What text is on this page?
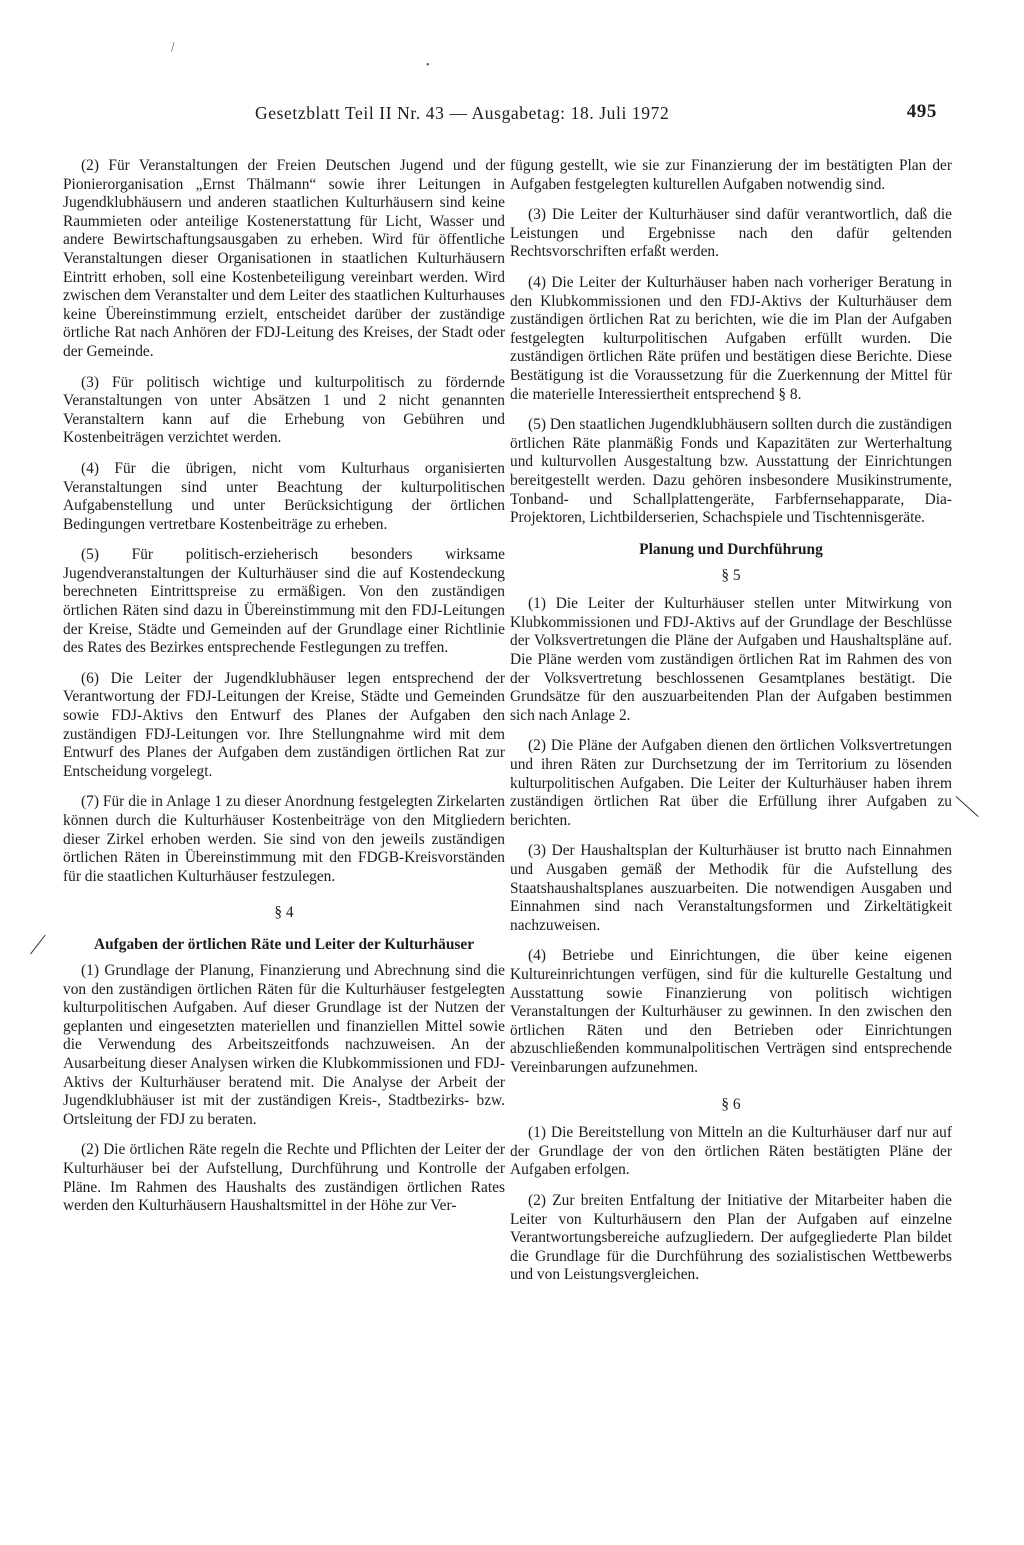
\
•
Gesetzblatt Teil II Nr. 43 — Ausgabetag: 18. Juli 1972	495

(2) Für Veranstaltungen der Freien Deutschen Jugend und der Pionierorganisation „Ernst Thälmann“ sowie ihrer Leitungen in Jugendklubhäusern und anderen staatlichen Kulturhäusern sind keine Raummieten oder anteilige Kostenerstattung für Licht, Wasser und andere Bewirtschaftungsausgaben zu erheben. Wird für öffentliche Veranstaltungen dieser Organisationen in staatlichen Kulturhäusern Eintritt erhoben, soll eine Kostenbeteiligung vereinbart werden. Wird zwischen dem Veranstalter und dem Leiter des staatlichen Kulturhauses keine Übereinstimmung erzielt, entscheidet darüber der zuständige örtliche Rat nach Anhören der FDJ-Leitung des Kreises, der Stadt oder der Gemeinde.

(3) Für politisch wichtige und kulturpolitisch zu fördernde Veranstaltungen von unter Absätzen 1 und 2 nicht genannten Veranstaltern kann auf die Erhebung von Gebühren und Kostenbeiträgen verzichtet werden.

(4) Für die übrigen, nicht vom Kulturhaus organisierten Veranstaltungen sind unter Beachtung der kulturpolitischen Aufgabenstellung und unter Berücksichtigung der örtlichen Bedingungen vertretbare Kostenbeiträge zu erheben.

(5) Für politisch-erzieherisch besonders wirksame Jugendveranstaltungen der Kulturhäuser sind die auf Kostendeckung berechneten Eintrittspreise zu ermäßigen. Von den zuständigen örtlichen Räten sind dazu in Übereinstimmung mit den FDJ-Leitungen der Kreise, Städte und Gemeinden auf der Grundlage einer Richtlinie des Rates des Bezirkes entsprechende Festlegungen zu treffen.

(6) Die Leiter der Jugendklubhäuser legen entsprechend der Verantwortung der FDJ-Leitungen der Kreise, Städte und Gemeinden sowie FDJ-Aktivs den Entwurf des Planes der Aufgaben den zuständigen FDJ-Leitungen vor. Ihre Stellungnahme wird mit dem Entwurf des Planes der Aufgaben dem zuständigen örtlichen Rat zur Entscheidung vorgelegt.

(7) Für die in Anlage 1 zu dieser Anordnung festgelegten Zirkelarten können durch die Kulturhäuser Kostenbeiträge von den Mitgliedern dieser Zirkel erhoben werden. Sie sind von den jeweils zuständigen örtlichen Räten in Übereinstimmung mit den FDGB-Kreisvorständen für die staatlichen Kulturhäuser festzulegen.

§ 4
Aufgaben der örtlichen Räte und Leiter der Kulturhäuser

(1) Grundlage der Planung, Finanzierung und Abrechnung sind die von den zuständigen örtlichen Räten für die Kulturhäuser festgelegten kulturpolitischen Aufgaben. Auf dieser Grundlage ist der Nutzen der geplanten und eingesetzten materiellen und finanziellen Mittel sowie die Verwendung des Arbeitszeitfonds nachzuweisen. An der Ausarbeitung dieser Analysen wirken die Klubkommissionen und FDJ-Aktivs der Kulturhäuser beratend mit. Die Analyse der Arbeit der Jugendklubhäuser ist mit der zuständigen Kreis-, Stadtbezirks- bzw. Ortsleitung der FDJ zu beraten.

(2) Die örtlichen Räte regeln die Rechte und Pflichten der Leiter der Kulturhäuser bei der Aufstellung, Durchführung und Kontrolle der Pläne. Im Rahmen des Haushalts des zuständigen örtlichen Rates werden den Kulturhäusern Haushaltsmittel in der Höhe zur Ver-

fügung gestellt, wie sie zur Finanzierung der im bestätigten Plan der Aufgaben festgelegten kulturellen Aufgaben notwendig sind.

(3) Die Leiter der Kulturhäuser sind dafür verantwortlich, daß die Leistungen und Ergebnisse nach den dafür geltenden Rechtsvorschriften erfaßt werden.

(4) Die Leiter der Kulturhäuser haben nach vorheriger Beratung in den Klubkommissionen und den FDJ-Aktivs der Kulturhäuser dem zuständigen örtlichen Rat zu berichten, wie die im Plan der Aufgaben festgelegten kulturpolitischen Aufgaben erfüllt wurden. Die zuständigen örtlichen Räte prüfen und bestätigen diese Berichte. Diese Bestätigung ist die Voraussetzung für die Zuerkennung der Mittel für die materielle Interessiertheit entsprechend § 8.

(5) Den staatlichen Jugendklubhäusern sollten durch die zuständigen örtlichen Räte planmäßig Fonds und Kapazitäten zur Werterhaltung und kulturvollen Ausgestaltung bzw. Ausstattung der Einrichtungen bereitgestellt werden. Dazu gehören insbesondere Musikinstrumente, Tonband- und Schallplattengeräte, Farbfernsehapparate, Dia-Projektoren, Lichtbilderserien, Schachspiele und Tischtennisgeräte.

Planung und Durchführung
§ 5

(1) Die Leiter der Kulturhäuser stellen unter Mitwirkung von Klubkommissionen und FDJ-Aktivs auf der Grundlage der Beschlüsse der Volksvertretungen die Pläne der Aufgaben und Haushaltspläne auf. Die Pläne werden vom zuständigen örtlichen Rat im Rahmen des von der Volksvertretung beschlossenen Gesamtplanes bestätigt. Die Grundsätze für den auszuarbeitenden Plan der Aufgaben bestimmen sich nach Anlage 2.

(2) Die Pläne der Aufgaben dienen den örtlichen Volksvertretungen und ihren Räten zur Durchsetzung der im Territorium zu lösenden kulturpolitischen Aufgaben. Die Leiter der Kulturhäuser haben ihrem zuständigen örtlichen Rat über die Erfüllung ihrer Aufgaben zu berichten.

(3) Der Haushaltsplan der Kulturhäuser ist brutto nach Einnahmen und Ausgaben gemäß der Methodik für die Aufstellung des Staatshaushaltsplanes auszuarbeiten. Die notwendigen Ausgaben und Einnahmen sind nach Veranstaltungsformen und Zirkeltätigkeit nachzuweisen.

(4) Betriebe und Einrichtungen, die über keine eigenen Kultureinrichtungen verfügen, sind für die kulturelle Gestaltung und Ausstattung sowie Finanzierung von politisch wichtigen Veranstaltungen der Kulturhäuser zu gewinnen. In den zwischen den örtlichen Räten und den Betrieben oder Einrichtungen abzuschließenden kommunalpolitischen Verträgen sind entsprechende Vereinbarungen aufzunehmen.

§ 6

(1) Die Bereitstellung von Mitteln an die Kulturhäuser darf nur auf der Grundlage der von den örtlichen Räten bestätigten Pläne der Aufgaben erfolgen.

(2) Zur breiten Entfaltung der Initiative der Mitarbeiter haben die Leiter von Kulturhäusern den Plan der Aufgaben auf einzelne Verantwortungsbereiche aufzugliedern. Der aufgegliederte Plan bildet die Grundlage für die Durchführung des sozialistischen Wettbewerbs und von Leistungsvergleichen.
